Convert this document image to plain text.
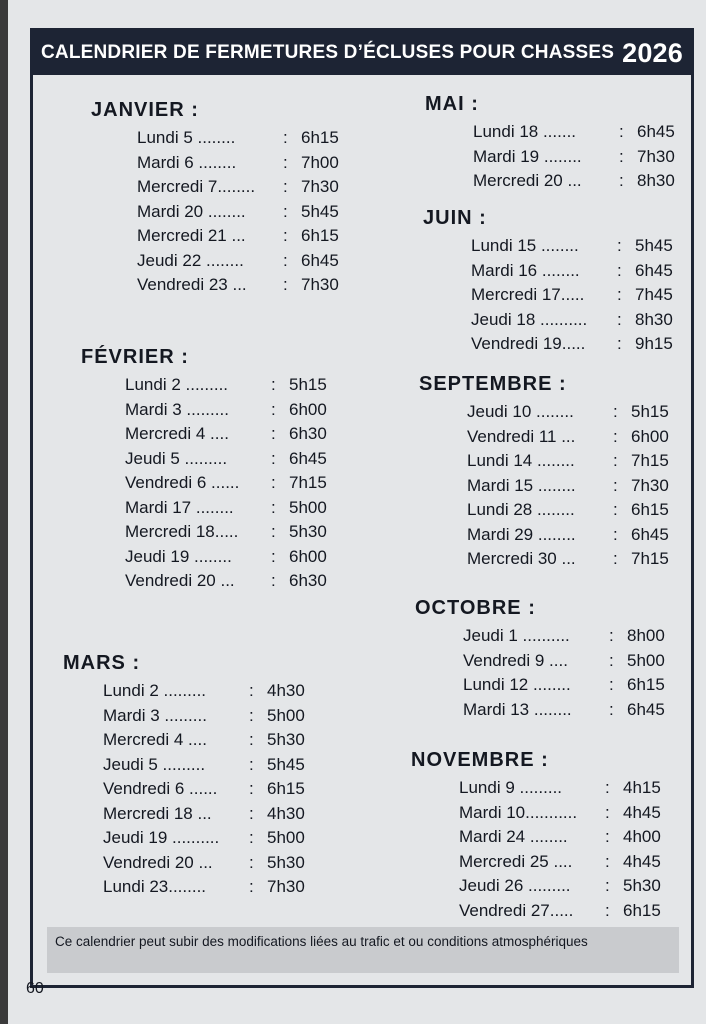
CALENDRIER DE FERMETURES D’ÉCLUSES POUR CHASSES 2026
JANVIER :
Lundi 5 ........	: 6h15
Mardi 6 ........	: 7h00
Mercredi 7........	: 7h30
Mardi 20 ........	: 5h45
Mercredi 21 ...	: 6h15
Jeudi 22 ........	: 6h45
Vendredi 23 ...	: 7h30
FÉVRIER :
Lundi 2 .........	: 5h15
Mardi 3 .........	: 6h00
Mercredi 4 ....	: 6h30
Jeudi 5 .........	: 6h45
Vendredi 6 ......	: 7h15
Mardi 17 ........	: 5h00
Mercredi 18.....	: 5h30
Jeudi 19 ........	: 6h00
Vendredi 20 ...	: 6h30
MARS :
Lundi 2 .........	: 4h30
Mardi 3 .........	: 5h00
Mercredi 4 ....	: 5h30
Jeudi 5 .........	: 5h45
Vendredi 6 ......	: 6h15
Mercredi 18 ...	: 4h30
Jeudi 19 ..........	: 5h00
Vendredi 20 ...	: 5h30
Lundi 23........	: 7h30
MAI :
Lundi 18 .......	: 6h45
Mardi 19 ........	: 7h30
Mercredi 20 ...	: 8h30
JUIN :
Lundi 15 ........	: 5h45
Mardi 16 ........	: 6h45
Mercredi 17.....	: 7h45
Jeudi 18 ..........	: 8h30
Vendredi 19.....	: 9h15
SEPTEMBRE :
Jeudi 10 ........	: 5h15
Vendredi 11 ...	: 6h00
Lundi 14 ........	: 7h15
Mardi 15 ........	: 7h30
Lundi 28 ........	: 6h15
Mardi 29 ........	: 6h45
Mercredi 30 ...	: 7h15
OCTOBRE :
Jeudi 1 ..........	: 8h00
Vendredi 9 ....	: 5h00
Lundi 12 ........	: 6h15
Mardi 13 ........	: 6h45
NOVEMBRE :
Lundi 9 .........	: 4h15
Mardi 10...........	: 4h45
Mardi 24 ........	: 4h00
Mercredi 25 ....	: 4h45
Jeudi 26 .........	: 5h30
Vendredi 27.....	: 6h15
Ce calendrier peut subir des modifications liées au trafic et ou conditions atmosphériques
60
